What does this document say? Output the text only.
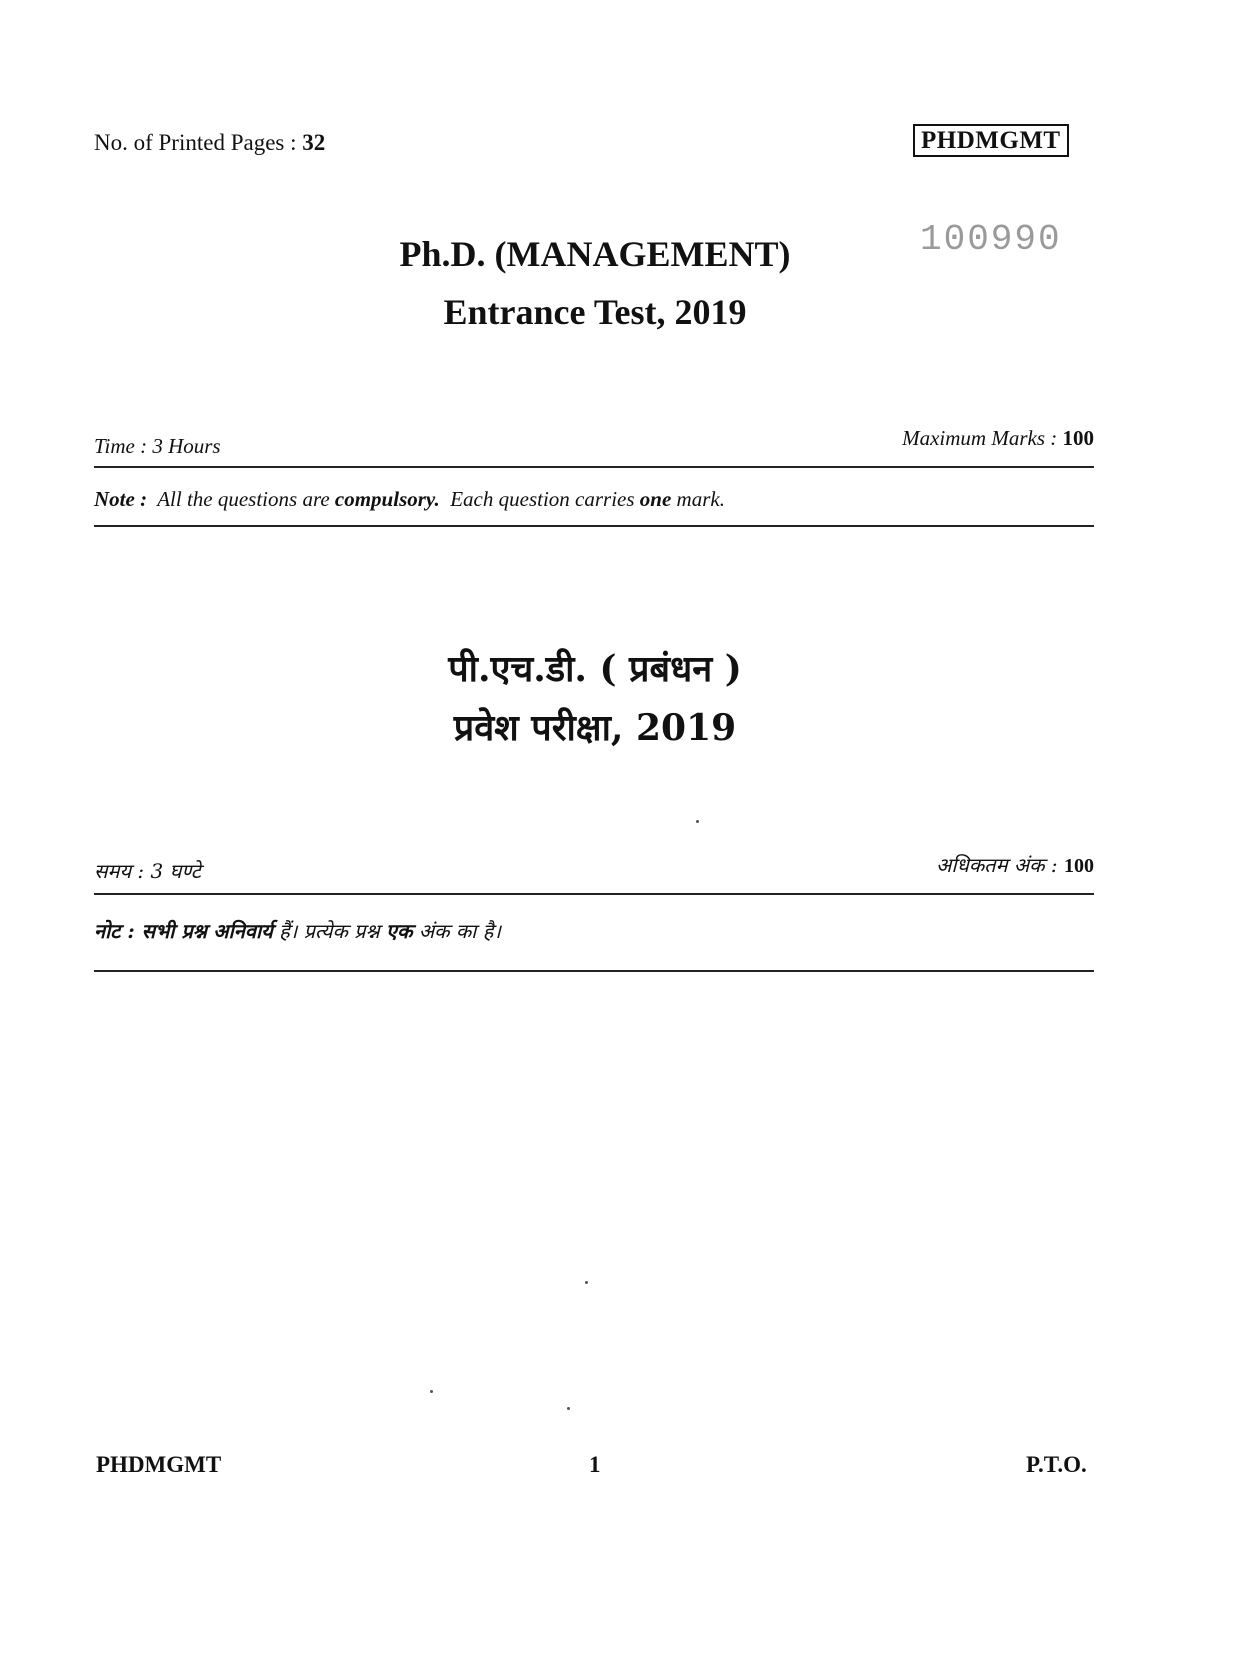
No. of Printed Pages : 32	PHDMGMT
100990
Ph.D. (MANAGEMENT)
Entrance Test, 2019
Time : 3 Hours	Maximum Marks : 100
Note : All the questions are compulsory. Each question carries one mark.
पी.एच.डी. ( प्रबंधन )
प्रवेश परीक्षा, 2019
समय : 3 घण्टे	अधिकतम अंक : 100
नोट : सभी प्रश्न अनिवार्य हैं। प्रत्येक प्रश्न एक अंक का है।
PHDMGMT	1	P.T.O.
